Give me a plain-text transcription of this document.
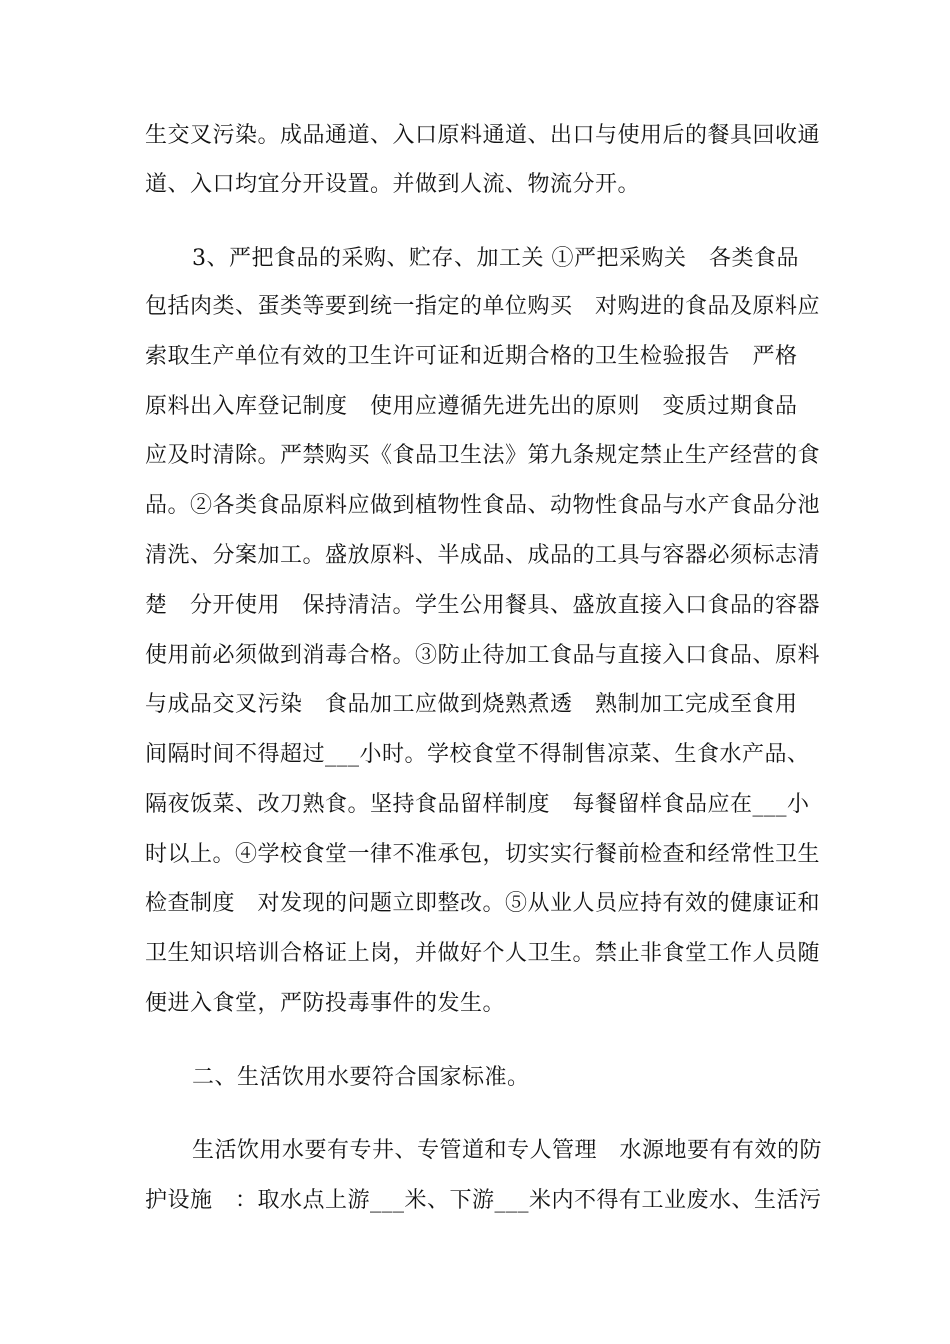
生交叉污染。成品通道、入口原料通道、出口与使用后的餐具回收通
道、入口均宜分开设置。并做到人流、物流分开。
3、严把食品的采购、贮存、加工关 ①严把采购关　各类食品
包括肉类、蛋类等要到统一指定的单位购买　对购进的食品及原料应
索取生产单位有效的卫生许可证和近期合格的卫生检验报告　严格
原料出入库登记制度　使用应遵循先进先出的原则　变质过期食品
应及时清除。严禁购买《食品卫生法》第九条规定禁止生产经营的食
品。②各类食品原料应做到植物性食品、动物性食品与水产食品分池
清洗、分案加工。盛放原料、半成品、成品的工具与容器必须标志清
楚　分开使用　保持清洁。学生公用餐具、盛放直接入口食品的容器
使用前必须做到消毒合格。③防止待加工食品与直接入口食品、原料
与成品交叉污染　食品加工应做到烧熟煮透　熟制加工完成至食用
间隔时间不得超过___小时。学校食堂不得制售凉菜、生食水产品、
隔夜饭菜、改刀熟食。坚持食品留样制度　每餐留样食品应在___小
时以上。④学校食堂一律不准承包，切实实行餐前检查和经常性卫生
检查制度　对发现的问题立即整改。⑤从业人员应持有效的健康证和
卫生知识培训合格证上岗，并做好个人卫生。禁止非食堂工作人员随
便进入食堂，严防投毒事件的发生。
二、生活饮用水要符合国家标准。
生活饮用水要有专井、专管道和专人管理　水源地要有有效的防
护设施　：取水点上游___米、下游___米内不得有工业废水、生活污
